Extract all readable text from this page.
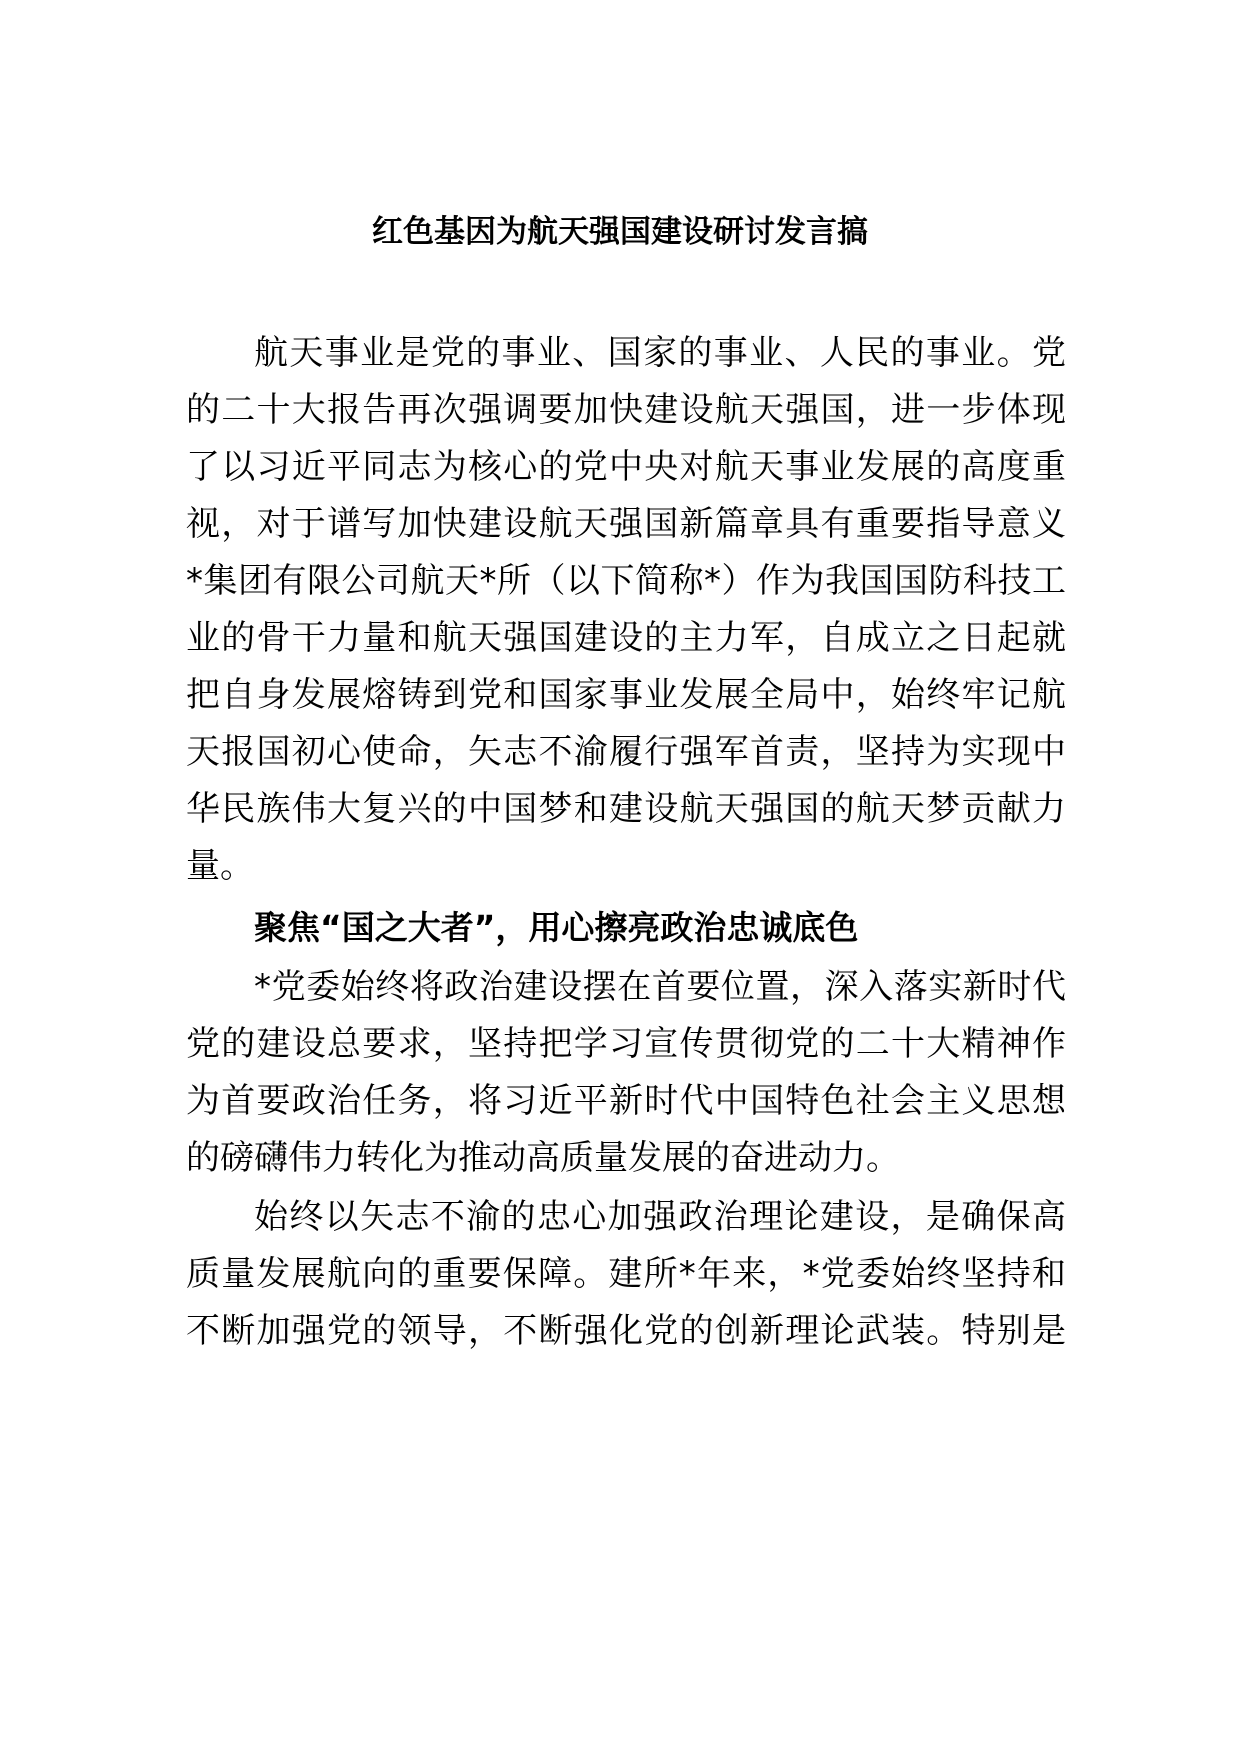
红色基因为航天强国建设研讨发言搞
航天事业是党的事业、国家的事业、人民的事业。党
的二十大报告再次强调要加快建设航天强国，进一步体现
了以习近平同志为核心的党中央对航天事业发展的高度重
视，对于谱写加快建设航天强国新篇章具有重要指导意义
*集团有限公司航天*所（以下简称*）作为我国国防科技工
业的骨干力量和航天强国建设的主力军，自成立之日起就
把自身发展熔铸到党和国家事业发展全局中，始终牢记航
天报国初心使命，矢志不渝履行强军首责，坚持为实现中
华民族伟大复兴的中国梦和建设航天强国的航天梦贡献力
量。
聚焦“国之大者”，用心擦亮政治忠诚底色
*党委始终将政治建设摆在首要位置，深入落实新时代
党的建设总要求，坚持把学习宣传贯彻党的二十大精神作
为首要政治任务，将习近平新时代中国特色社会主义思想
的磅礴伟力转化为推动高质量发展的奋进动力。
始终以矢志不渝的忠心加强政治理论建设，是确保高
质量发展航向的重要保障。建所*年来，*党委始终坚持和
不断加强党的领导，不断强化党的创新理论武装。特别是
